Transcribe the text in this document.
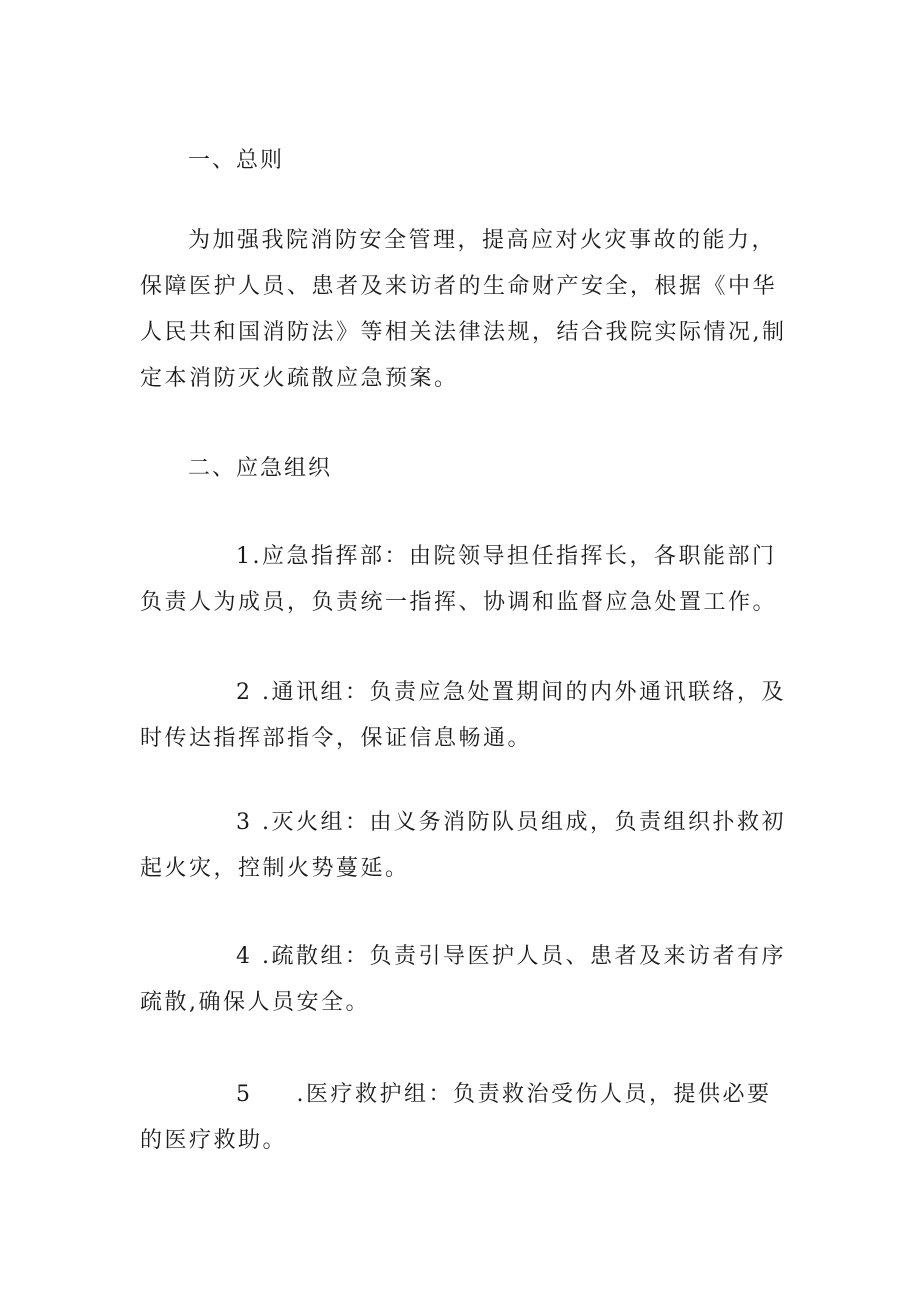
一、总则

为加强我院消防安全管理，提高应对火灾事故的能力，保障医护人员、患者及来访者的生命财产安全，根据《中华人民共和国消防法》等相关法律法规，结合我院实际情况,制定本消防灭火疏散应急预案。

二、应急组织

1.应急指挥部：由院领导担任指挥长，各职能部门负责人为成员，负责统一指挥、协调和监督应急处置工作。

2 .通讯组：负责应急处置期间的内外通讯联络，及时传达指挥部指令，保证信息畅通。

3 .灭火组：由义务消防队员组成，负责组织扑救初起火灾，控制火势蔓延。

4 .疏散组：负责引导医护人员、患者及来访者有序疏散,确保人员安全。

5 .医疗救护组：负责救治受伤人员，提供必要的医疗救助。
